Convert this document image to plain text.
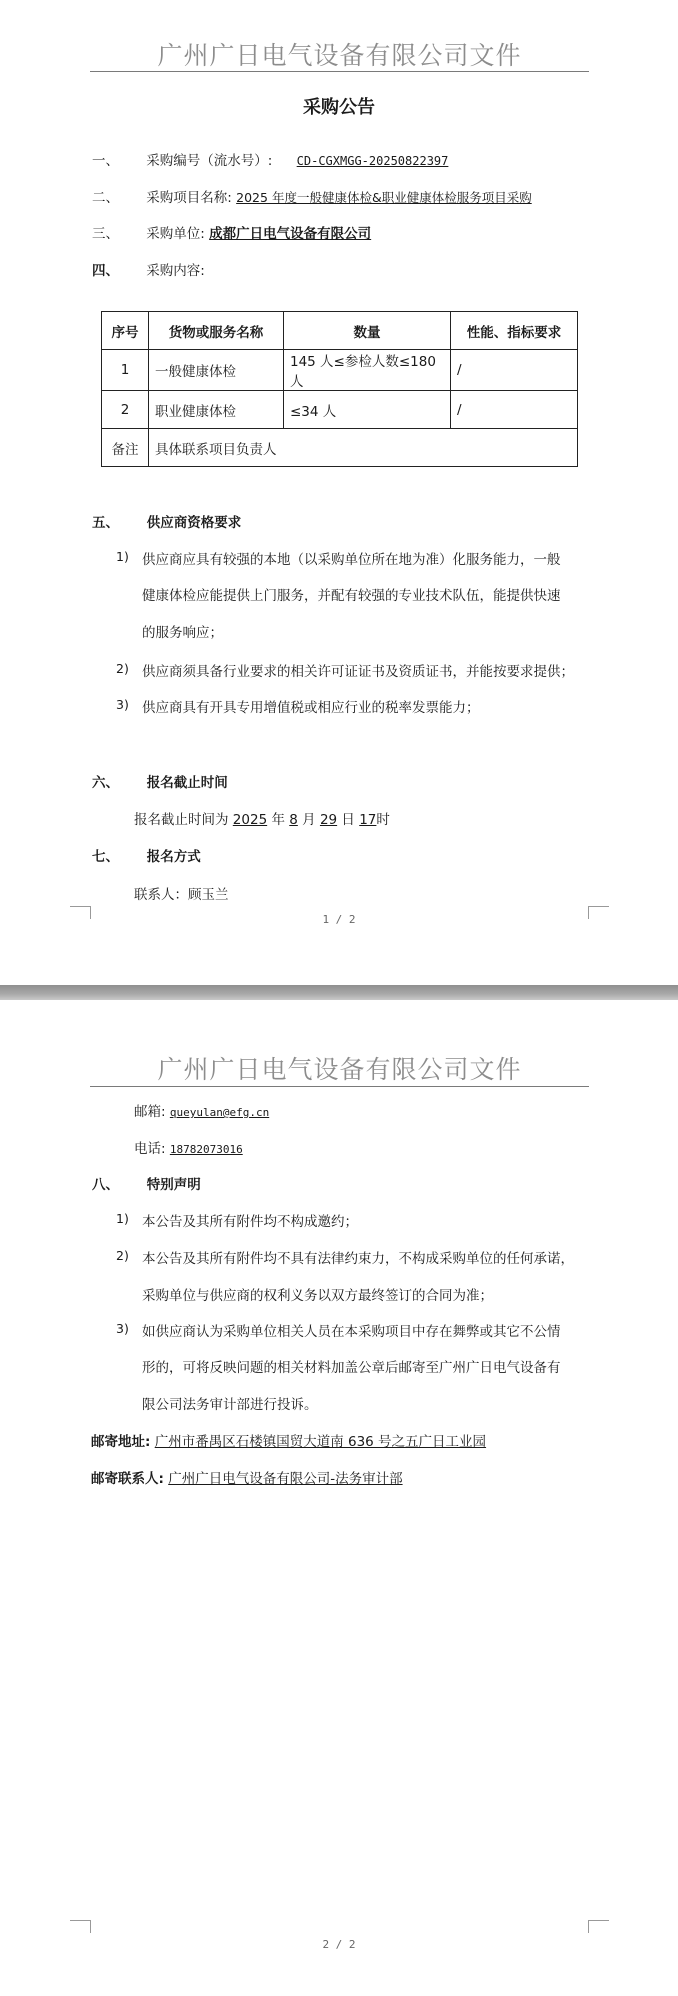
广州广日电气设备有限公司文件
采购公告
一、 采购编号（流水号）: CD-CGXMGG-20250822397
二、 采购项目名称: 2025 年度一般健康体检&职业健康体检服务项目采购
三、 采购单位: 成都广日电气设备有限公司
四、 采购内容:
序号	货物或服务名称	数量	性能、指标要求
1	一般健康体检	145 人≤参检人数≤180 人	/
2	职业健康体检	≤34 人	/
备注	具体联系项目负责人		
五、 供应商资格要求
1) 供应商应具有较强的本地（以采购单位所在地为准）化服务能力，一般
健康体检应能提供上门服务，并配有较强的专业技术队伍，能提供快速
的服务响应；
2) 供应商须具备行业要求的相关许可证证书及资质证书，并能按要求提供；
3) 供应商具有开具专用增值税或相应行业的税率发票能力；
六、 报名截止时间
报名截止时间为 2025 年 8 月 29 日 17时
七、 报名方式
联系人：顾玉兰
1 / 2
广州广日电气设备有限公司文件
邮箱: queyulan@efg.cn
电话: 18782073016
八、 特别声明
1) 本公告及其所有附件均不构成邀约；
2) 本公告及其所有附件均不具有法律约束力，不构成采购单位的任何承诺，
采购单位与供应商的权利义务以双方最终签订的合同为准；
3) 如供应商认为采购单位相关人员在本采购项目中存在舞弊或其它不公情
形的，可将反映问题的相关材料加盖公章后邮寄至广州广日电气设备有
限公司法务审计部进行投诉。
邮寄地址: 广州市番禺区石楼镇国贸大道南 636 号之五广日工业园
邮寄联系人: 广州广日电气设备有限公司-法务审计部
2 / 2
